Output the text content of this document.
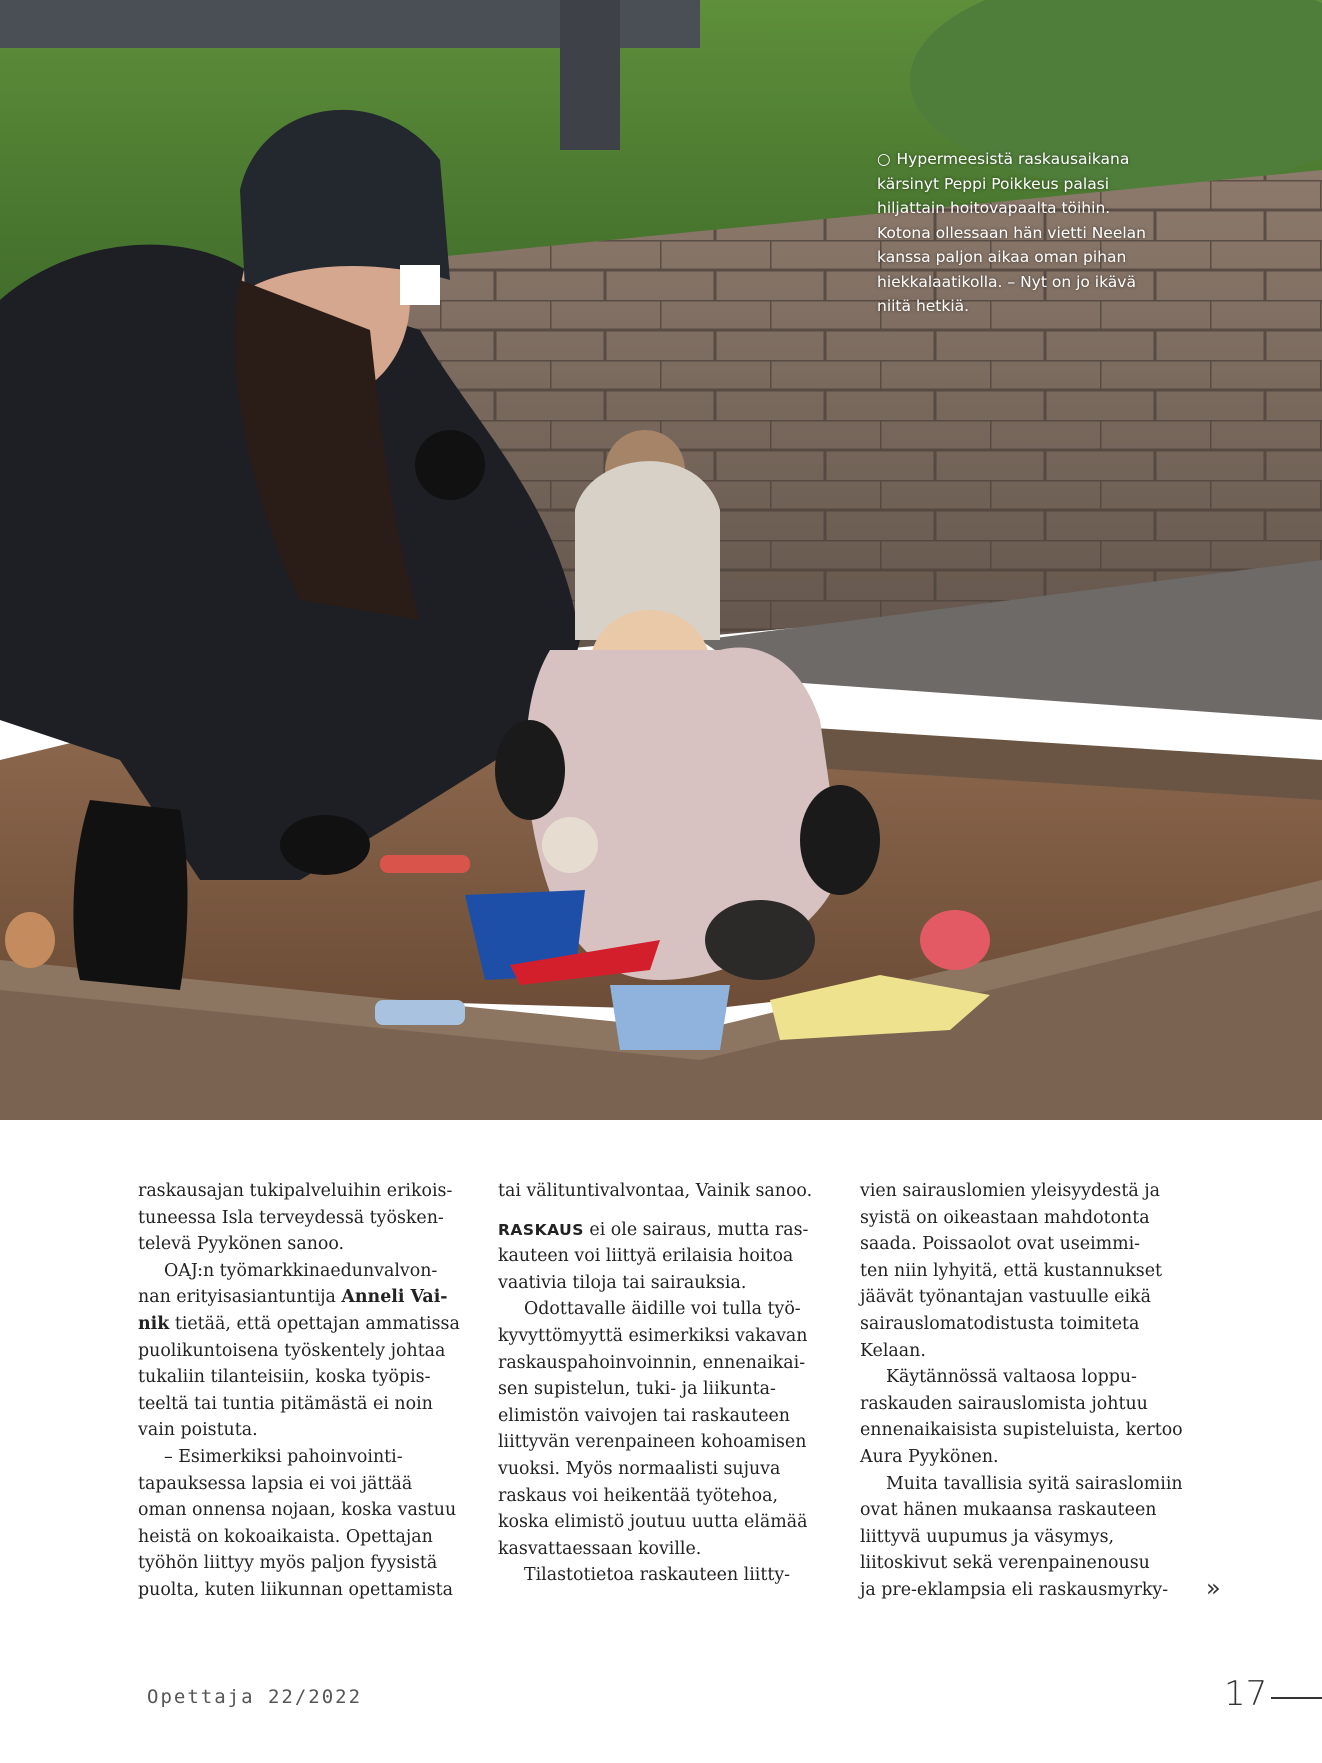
○ Hypermeesistä raskausaikana kärsinyt Peppi Poikkeus palasi hiljattain hoitovapaalta töihin. Kotona ollessaan hän vietti Neelan kanssa paljon aikaa oman pihan hiekkalaatikolla. – Nyt on jo ikävä niitä hetkiä.
raskausajan tukipalveluihin erikois-
tuneessa Isla terveydessä työsken-
televä Pyykönen sanoo.
OAJ:n työmarkkinaedunvalvon-
nan erityisasiantuntija Anneli Vai-
nik tietää, että opettajan ammatissa
puolikuntoisena työskentely johtaa
tukaliin tilanteisiin, koska työpis-
teeltä tai tuntia pitämästä ei noin
vain poistuta.
– Esimerkiksi pahoinvointi-
tapauksessa lapsia ei voi jättää
oman onnensa nojaan, koska vastuu
heistä on kokoaikaista. Opettajan
työhön liittyy myös paljon fyysistä
puolta, kuten liikunnan opettamista
tai välituntivalvontaa, Vainik sanoo.
RASKAUS ei ole sairaus, mutta ras-
kauteen voi liittyä erilaisia hoitoa
vaativia tiloja tai sairauksia.
Odottavalle äidille voi tulla työ-
kyvyttömyyttä esimerkiksi vakavan
raskauspahoinvoinnin, ennenaikai-
sen supistelun, tuki- ja liikunta-
elimistön vaivojen tai raskauteen
liittyvän verenpaineen kohoamisen
vuoksi. Myös normaalisti sujuva
raskaus voi heikentää työtehoa,
koska elimistö joutuu uutta elämää
kasvattaessaan koville.
Tilastotietoa raskauteen liitty-
vien sairauslomien yleisyydestä ja
syistä on oikeastaan mahdotonta
saada. Poissaolot ovat useimmi-
ten niin lyhyitä, että kustannukset
jäävät työnantajan vastuulle eikä
sairauslomatodistusta toimiteta
Kelaan.
Käytännössä valtaosa loppu-
raskauden sairauslomista johtuu
ennenaikaisista supisteluista, kertoo
Aura Pyykönen.
Muita tavallisia syitä sairaslomiin
ovat hänen mukaansa raskauteen
liittyvä uupumus ja väsymys,
liitoskivut sekä verenpainenousu
ja pre-eklampsia eli raskausmyrky-	»
Opettaja 22/2022	17
